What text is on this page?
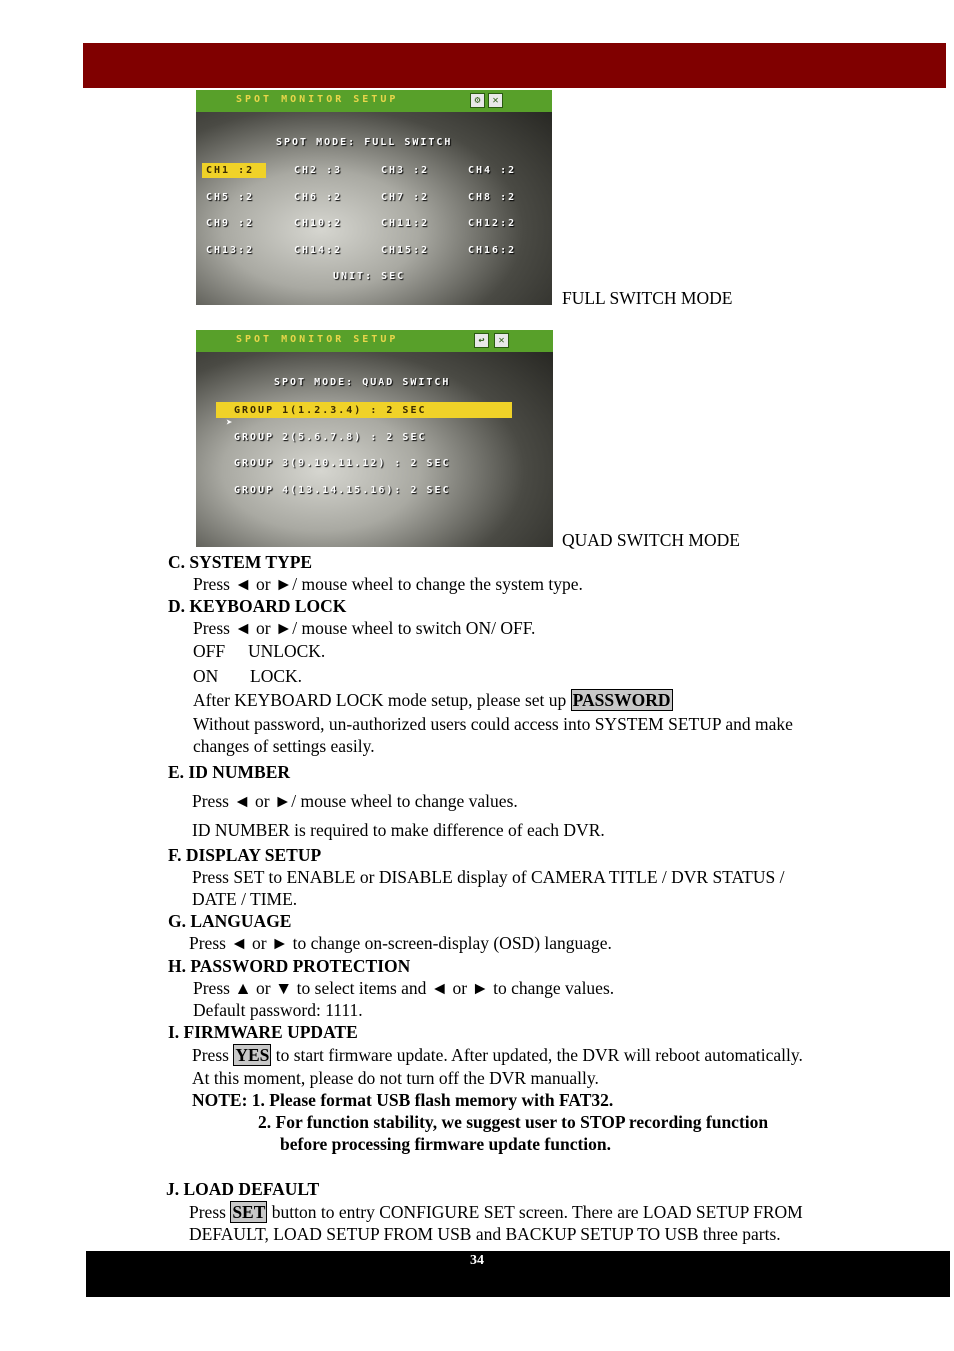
SPOT MONITOR SETUP	⚙	✕
SPOT MODE: FULL SWITCH
CH1 :2	CH2 :3	CH3 :2	CH4 :2
CH5 :2	CH6 :2	CH7 :2	CH8 :2
CH9 :2	CH10:2	CH11:2	CH12:2
CH13:2	CH14:2	CH15:2	CH16:2
UNIT: SEC
FULL SWITCH MODE
SPOT MONITOR SETUP	↩	✕
SPOT MODE: QUAD SWITCH
GROUP 1(1.2.3.4) : 2 SEC
➤
GROUP 2(5.6.7.8) : 2 SEC
GROUP 3(9.10.11.12) : 2 SEC
GROUP 4(13.14.15.16): 2 SEC
QUAD SWITCH MODE
C. SYSTEM TYPE
Press ◄ or ►/ mouse wheel to change the system type.
D. KEYBOARD LOCK
Press ◄ or ►/ mouse wheel to switch ON/ OFF.
OFF UNLOCK.
ON LOCK.
After KEYBOARD LOCK mode setup, please set up PASSWORD
Without password, un-authorized users could access into SYSTEM SETUP and make
changes of settings easily.
E. ID NUMBER
Press ◄ or ►/ mouse wheel to change values.
ID NUMBER is required to make difference of each DVR.
F. DISPLAY SETUP
Press SET to ENABLE or DISABLE display of CAMERA TITLE / DVR STATUS /
DATE / TIME.
G. LANGUAGE
Press ◄ or ► to change on-screen-display (OSD) language.
H. PASSWORD PROTECTION
Press ▲ or ▼ to select items and ◄ or ► to change values.
Default password: 1111.
I. FIRMWARE UPDATE
Press YES to start firmware update. After updated, the DVR will reboot automatically.
At this moment, please do not turn off the DVR manually.
NOTE: 1. Please format USB flash memory with FAT32.
2. For function stability, we suggest user to STOP recording function
before processing firmware update function.
J. LOAD DEFAULT
Press SET button to entry CONFIGURE SET screen. There are LOAD SETUP FROM
DEFAULT, LOAD SETUP FROM USB and BACKUP SETUP TO USB three parts.
34
